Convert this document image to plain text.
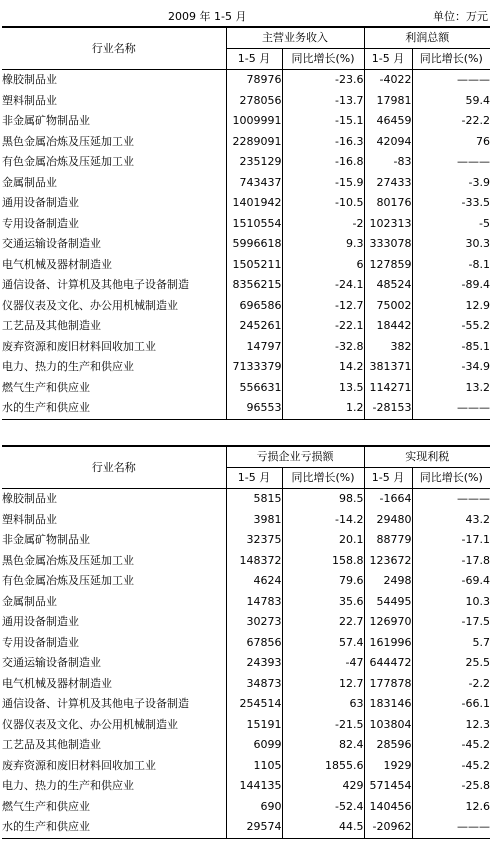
2009 年 1-5 月	单位：万元
行业名称	主营业务收入		利润总额	
	1-5 月	同比增长(%)	1-5 月	同比增长(%)
橡胶制品业	78976	-23.6	-4022	———
塑料制品业	278056	-13.7	17981	59.4
非金属矿物制品业	1009991	-15.1	46459	-22.2
黑色金属冶炼及压延加工业	2289091	-16.3	42094	76
有色金属冶炼及压延加工业	235129	-16.8	-83	———
金属制品业	743437	-15.9	27433	-3.9
通用设备制造业	1401942	-10.5	80176	-33.5
专用设备制造业	1510554	-2	102313	-5
交通运输设备制造业	5996618	9.3	333078	30.3
电气机械及器材制造业	1505211	6	127859	-8.1
通信设备、计算机及其他电子设备制造	8356215	-24.1	48524	-89.4
仪器仪表及文化、办公用机械制造业	696586	-12.7	75002	12.9
工艺品及其他制造业	245261	-22.1	18442	-55.2
废弃资源和废旧材料回收加工业	14797	-32.8	382	-85.1
电力、热力的生产和供应业	7133379	14.2	381371	-34.9
燃气生产和供应业	556631	13.5	114271	13.2
水的生产和供应业	96553	1.2	-28153	———
行业名称	亏损企业亏损额		实现利税	
	1-5 月	同比增长(%)	1-5 月	同比增长(%)
橡胶制品业	5815	98.5	-1664	———
塑料制品业	3981	-14.2	29480	43.2
非金属矿物制品业	32375	20.1	88779	-17.1
黑色金属冶炼及压延加工业	148372	158.8	123672	-17.8
有色金属冶炼及压延加工业	4624	79.6	2498	-69.4
金属制品业	14783	35.6	54495	10.3
通用设备制造业	30273	22.7	126970	-17.5
专用设备制造业	67856	57.4	161996	5.7
交通运输设备制造业	24393	-47	644472	25.5
电气机械及器材制造业	34873	12.7	177878	-2.2
通信设备、计算机及其他电子设备制造	254514	63	183146	-66.1
仪器仪表及文化、办公用机械制造业	15191	-21.5	103804	12.3
工艺品及其他制造业	6099	82.4	28596	-45.2
废弃资源和废旧材料回收加工业	1105	1855.6	1929	-45.2
电力、热力的生产和供应业	144135	429	571454	-25.8
燃气生产和供应业	690	-52.4	140456	12.6
水的生产和供应业	29574	44.5	-20962	———
